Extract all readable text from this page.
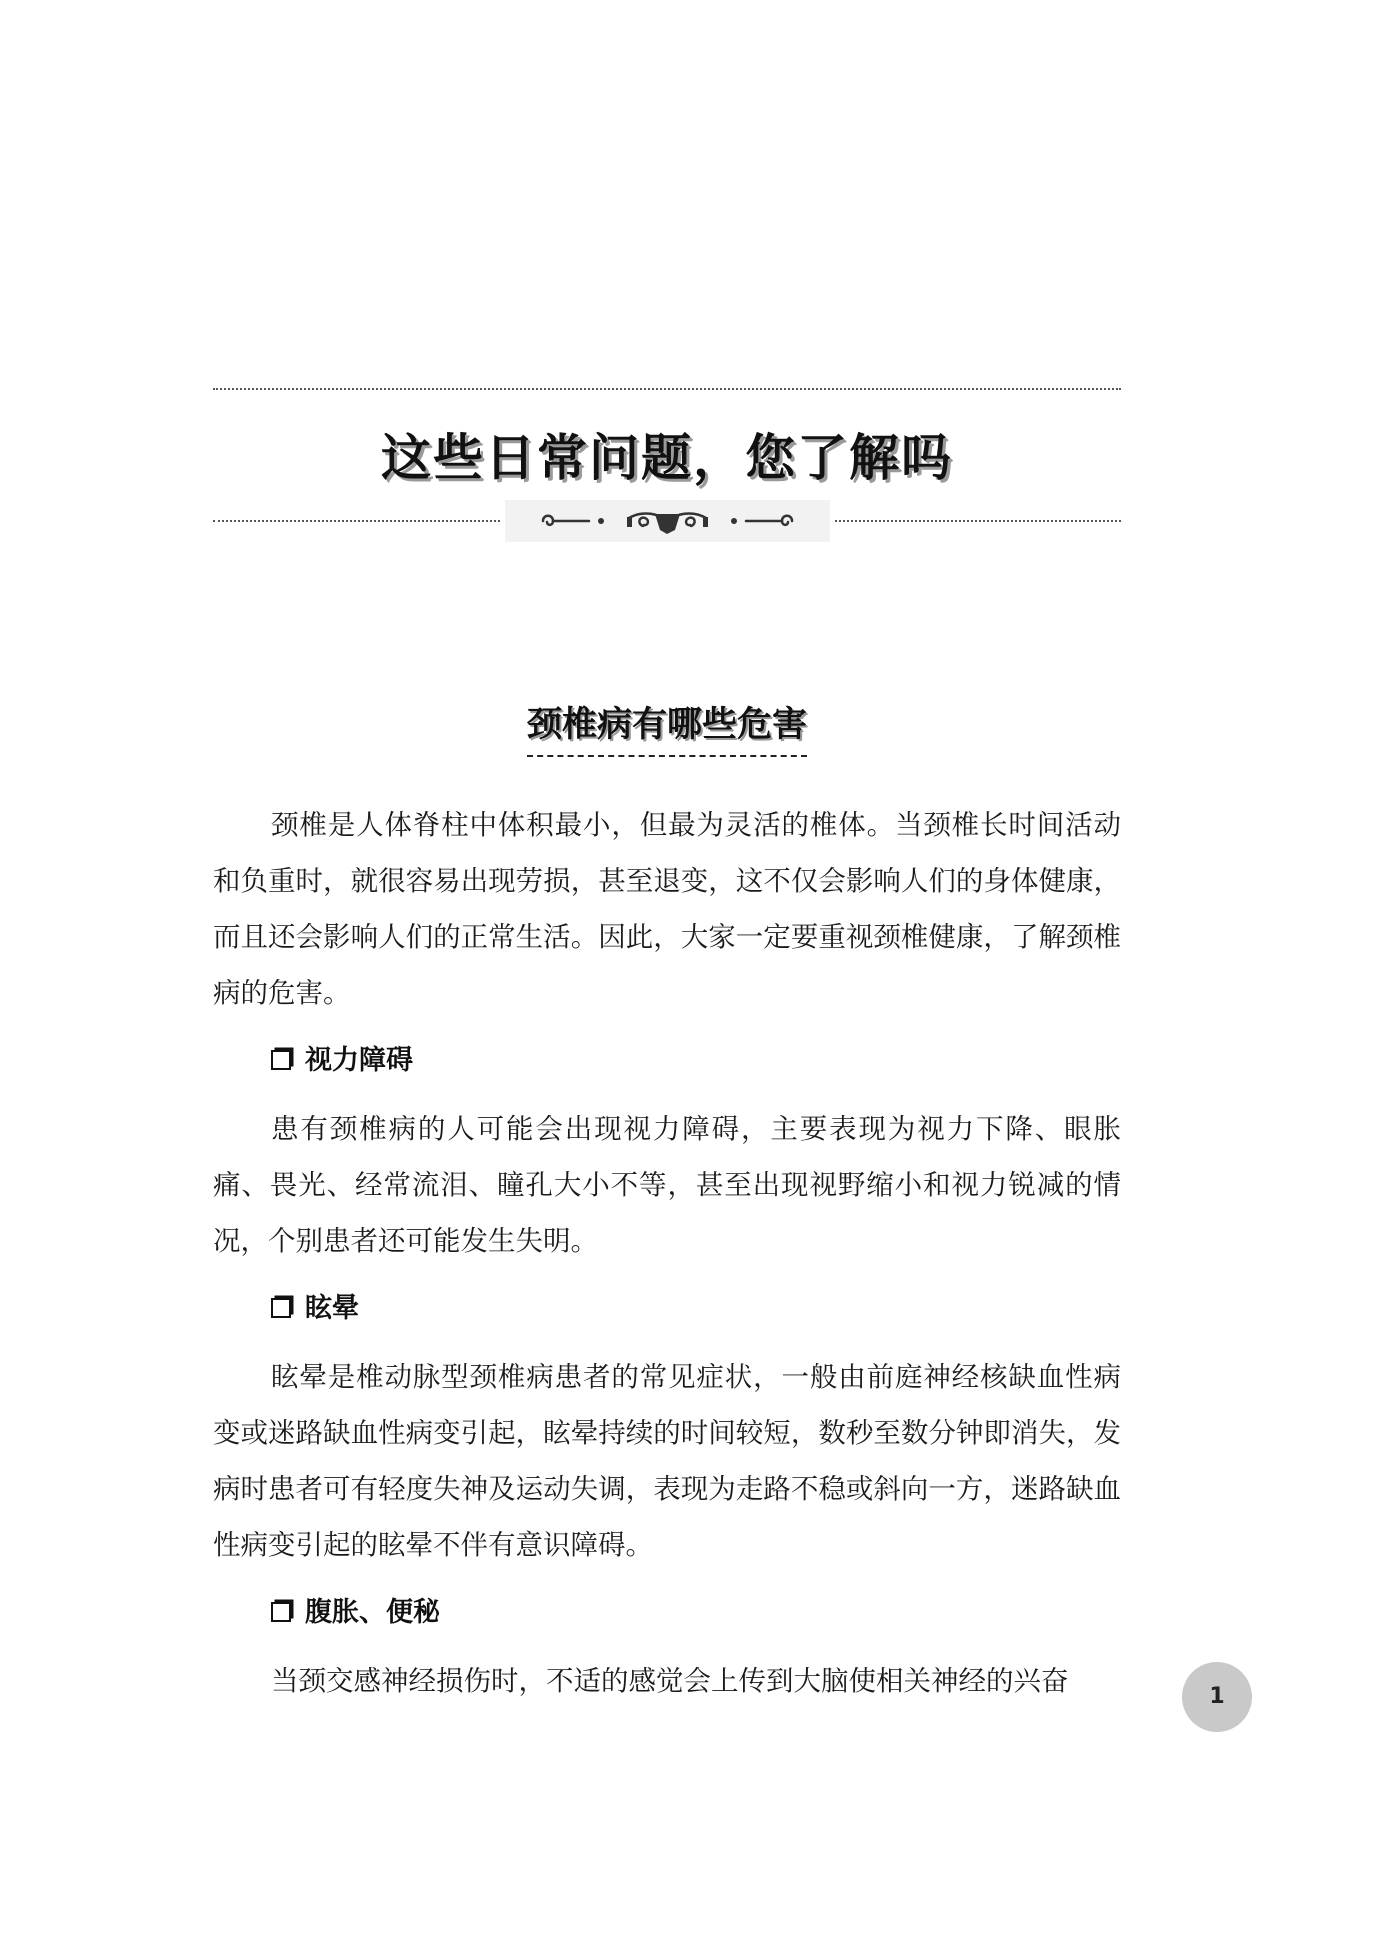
这些日常问题，您了解吗
颈椎病有哪些危害

颈椎是人体脊柱中体积最小，但最为灵活的椎体。当颈椎长时间活动和负重时，就很容易出现劳损，甚至退变，这不仅会影响人们的身体健康，而且还会影响人们的正常生活。因此，大家一定要重视颈椎健康，了解颈椎病的危害。

视力障碍

患有颈椎病的人可能会出现视力障碍，主要表现为视力下降、眼胀痛、畏光、经常流泪、瞳孔大小不等，甚至出现视野缩小和视力锐减的情况，个别患者还可能发生失明。

眩晕

眩晕是椎动脉型颈椎病患者的常见症状，一般由前庭神经核缺血性病变或迷路缺血性病变引起，眩晕持续的时间较短，数秒至数分钟即消失，发病时患者可有轻度失神及运动失调，表现为走路不稳或斜向一方，迷路缺血性病变引起的眩晕不伴有意识障碍。

腹胀、便秘

当颈交感神经损伤时，不适的感觉会上传到大脑使相关神经的兴奋	1
